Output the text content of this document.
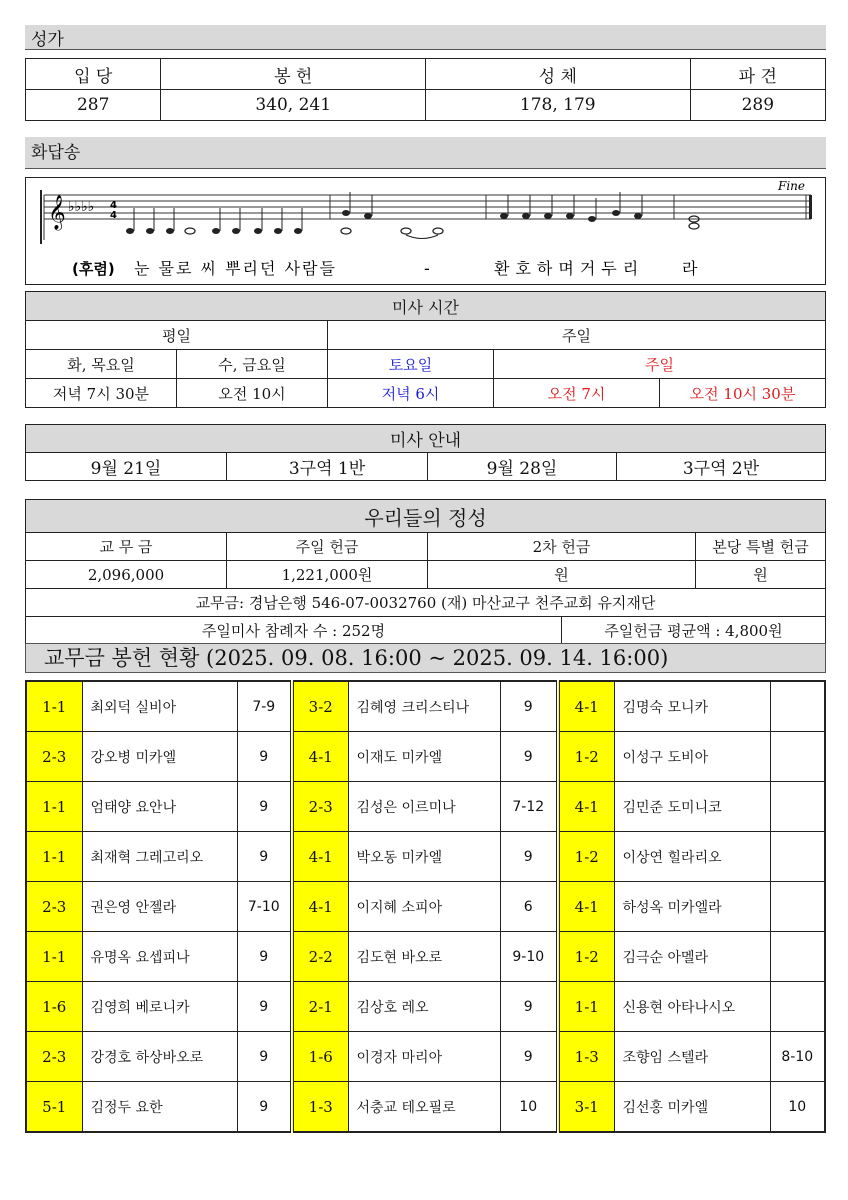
성가
입 당	봉 헌	성 체	파 견
287	340, 241	178, 179	289
화답송
𝄞 ♭♭♭♭ 4
4
Fine
(후렴) 눈 물로 씨 뿌리던 사람들	-	환호하며거두리 라
미사 시간				
평일		주일		
화, 목요일	수, 금요일	토요일	주일	
저녁 7시 30분	오전 10시	저녁 6시	오전 7시	오전 10시 30분
미사 안내
9월 21일	3구역 1반	9월 28일	3구역 2반
우리들의 정성				
교 무 금	주일 헌금	2차 헌금		본당 특별 헌금
2,096,000	1,221,000원	원		원
교무금: 경남은행 546-07-0032760 (재) 마산교구 천주교회 유지재단				
주일미사 참례자 수 : 252명			주일헌금 평균액 : 4,800원	
교무금 봉헌 현황 (2025. 09. 08. 16:00 ~ 2025. 09. 14. 16:00)
1-1	최외덕 실비아	7-9	3-2	김혜영 크리스티나	9	4-1	김명숙 모니카	
2-3	강오병 미카엘	9	4-1	이재도 미카엘	9	1-2	이성구 도비아	
1-1	엄태양 요안나	9	2-3	김성은 이르미나	7-12	4-1	김민준 도미니코	
1-1	최재혁 그레고리오	9	4-1	박오동 미카엘	9	1-2	이상연 힐라리오	
2-3	권은영 안젤라	7-10	4-1	이지혜 소피아	6	4-1	하성옥 미카엘라	
1-1	유명옥 요셉피나	9	2-2	김도현 바오로	9-10	1-2	김극순 아멜라	
1-6	김영희 베로니카	9	2-1	김상호 레오	9	1-1	신용현 아타나시오	
2-3	강경호 하상바오로	9	1-6	이경자 마리아	9	1-3	조향임 스텔라	8-10
5-1	김정두 요한	9	1-3	서충교 테오필로	10	3-1	김선홍 미카엘	10
